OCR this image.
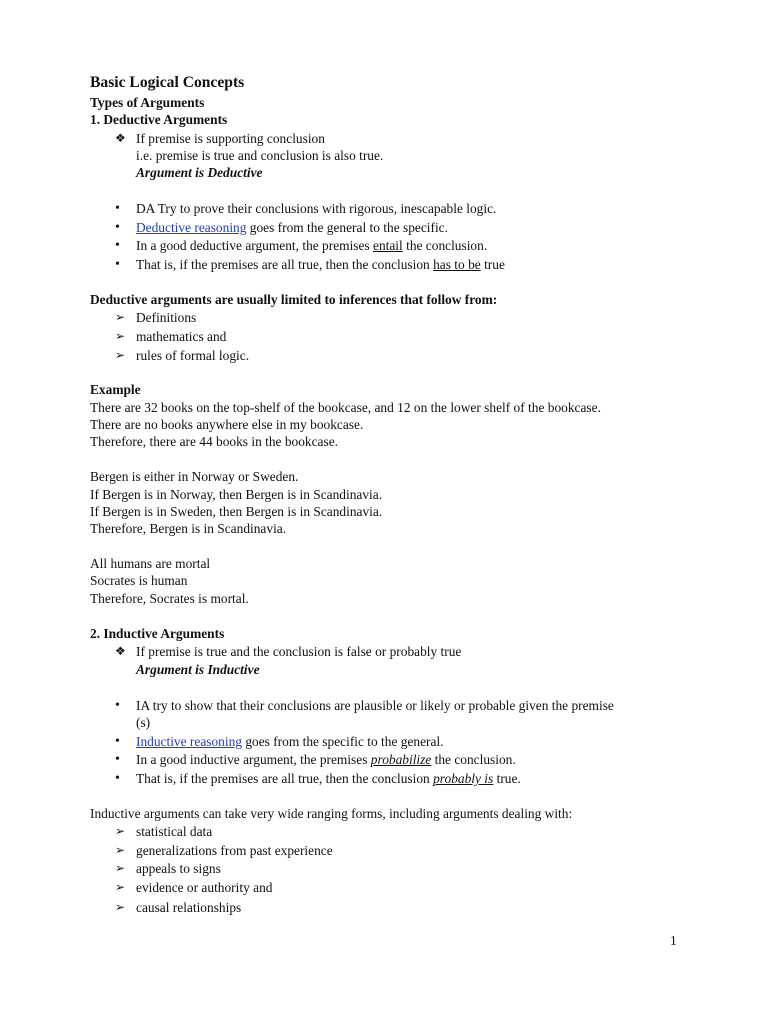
Basic Logical Concepts
Types of Arguments
1. Deductive Arguments
❖ If premise is supporting conclusion
i.e. premise is true and conclusion is also true.
Argument is Deductive
• DA Try to prove their conclusions with rigorous, inescapable logic.
• Deductive reasoning goes from the general to the specific.
• In a good deductive argument, the premises entail the conclusion.
• That is, if the premises are all true, then the conclusion has to be true
Deductive arguments are usually limited to inferences that follow from:
➢ Definitions
➢ mathematics and
➢ rules of formal logic.
Example
There are 32 books on the top-shelf of the bookcase, and 12 on the lower shelf of the bookcase.
There are no books anywhere else in my bookcase.
Therefore, there are 44 books in the bookcase.
Bergen is either in Norway or Sweden.
If Bergen is in Norway, then Bergen is in Scandinavia.
If Bergen is in Sweden, then Bergen is in Scandinavia.
Therefore, Bergen is in Scandinavia.
All humans are mortal
Socrates is human
Therefore, Socrates is mortal.
2. Inductive Arguments
❖ If premise is true and the conclusion is false or probably true
Argument is Inductive
• IA try to show that their conclusions are plausible or likely or probable given the premise
(s)
• Inductive reasoning goes from the specific to the general.
• In a good inductive argument, the premises probabilize the conclusion.
• That is, if the premises are all true, then the conclusion probably is true.
Inductive arguments can take very wide ranging forms, including arguments dealing with:
➢ statistical data
➢ generalizations from past experience
➢ appeals to signs
➢ evidence or authority and
➢ causal relationships
1
